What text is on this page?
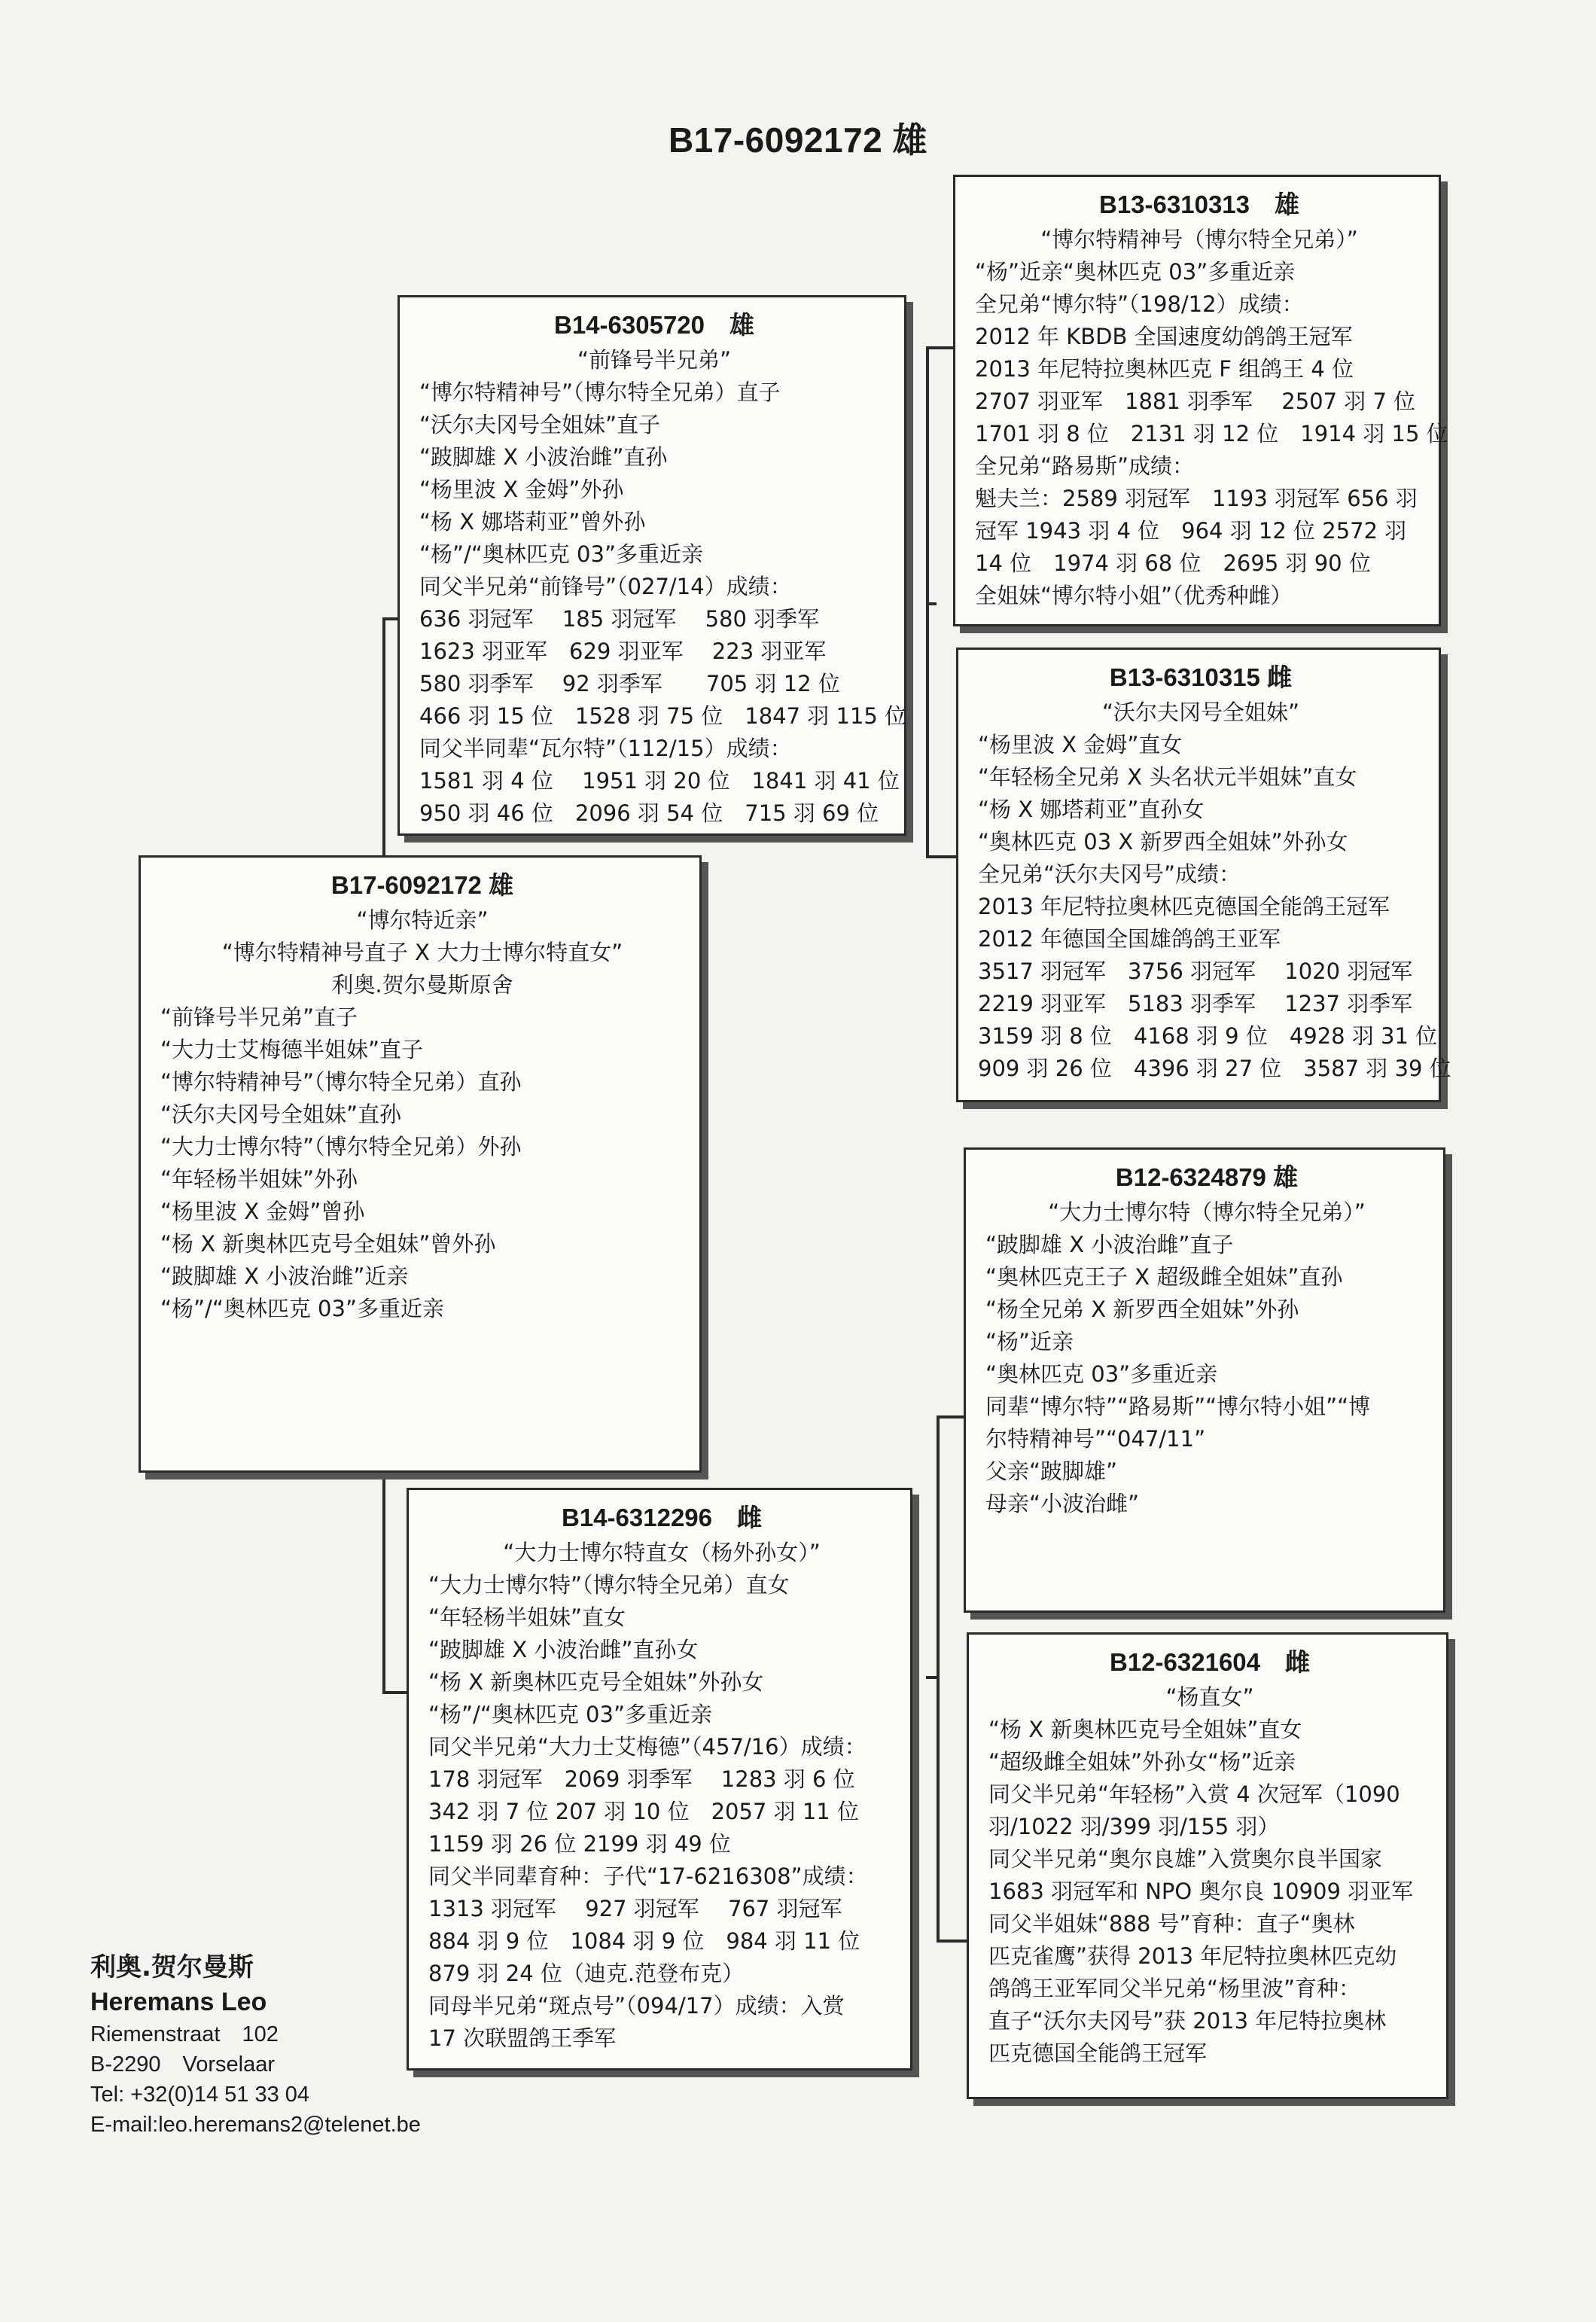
B17-6092172 雄
B14-6305720　雄
“前锋号半兄弟”
“博尔特精神号”（博尔特全兄弟）直子
“沃尔夫冈号全姐妹”直子
“跛脚雄 X 小波治雌”直孙
“杨里波 X 金姆”外孙
“杨 X 娜塔莉亚”曾外孙
“杨”/“奥林匹克 03”多重近亲
同父半兄弟“前锋号”（027/14）成绩：
636 羽冠军　 185 羽冠军　 580 羽季军
1623 羽亚军　629 羽亚军　 223 羽亚军
580 羽季军　 92 羽季军　　705 羽 12 位
466 羽 15 位　1528 羽 75 位　1847 羽 115 位
同父半同辈“瓦尔特”（112/15）成绩：
1581 羽 4 位　 1951 羽 20 位　1841 羽 41 位
950 羽 46 位　2096 羽 54 位　715 羽 69 位
B17-6092172 雄
“博尔特近亲”
“博尔特精神号直子 X 大力士博尔特直女”
利奥.贺尔曼斯原舍
“前锋号半兄弟”直子
“大力士艾梅德半姐妹”直子
“博尔特精神号”（博尔特全兄弟）直孙
“沃尔夫冈号全姐妹”直孙
“大力士博尔特”（博尔特全兄弟）外孙
“年轻杨半姐妹”外孙
“杨里波 X 金姆”曾孙
“杨 X 新奥林匹克号全姐妹”曾外孙
“跛脚雄 X 小波治雌”近亲
“杨”/“奥林匹克 03”多重近亲
B14-6312296　雌
“大力士博尔特直女（杨外孙女）”
“大力士博尔特”（博尔特全兄弟）直女
“年轻杨半姐妹”直女
“跛脚雄 X 小波治雌”直孙女
“杨 X 新奥林匹克号全姐妹”外孙女
“杨”/“奥林匹克 03”多重近亲
同父半兄弟“大力士艾梅德”（457/16）成绩：
178 羽冠军　2069 羽季军　 1283 羽 6 位
342 羽 7 位 207 羽 10 位　2057 羽 11 位
1159 羽 26 位 2199 羽 49 位
同父半同辈育种：子代“17-6216308”成绩：
1313 羽冠军　 927 羽冠军　 767 羽冠军
884 羽 9 位　1084 羽 9 位　984 羽 11 位
879 羽 24 位（迪克.范登布克）
同母半兄弟“斑点号”（094/17）成绩：入赏
17 次联盟鸽王季军
B13-6310313　雄
“博尔特精神号（博尔特全兄弟）”
“杨”近亲“奥林匹克 03”多重近亲
全兄弟“博尔特”（198/12）成绩：
2012 年 KBDB 全国速度幼鸽鸽王冠军
2013 年尼特拉奥林匹克 F 组鸽王 4 位
2707 羽亚军　1881 羽季军　 2507 羽 7 位
1701 羽 8 位　2131 羽 12 位　1914 羽 15 位
全兄弟“路易斯”成绩：
魁夫兰：2589 羽冠军　1193 羽冠军 656 羽
冠军 1943 羽 4 位　964 羽 12 位 2572 羽
14 位　1974 羽 68 位　2695 羽 90 位
全姐妹“博尔特小姐”（优秀种雌）
B13-6310315 雌
“沃尔夫冈号全姐妹”
“杨里波 X 金姆”直女
“年轻杨全兄弟 X 头名状元半姐妹”直女
“杨 X 娜塔莉亚”直孙女
“奥林匹克 03 X 新罗西全姐妹”外孙女
全兄弟“沃尔夫冈号”成绩：
2013 年尼特拉奥林匹克德国全能鸽王冠军
2012 年德国全国雄鸽鸽王亚军
3517 羽冠军　3756 羽冠军　 1020 羽冠军
2219 羽亚军　5183 羽季军　 1237 羽季军
3159 羽 8 位　4168 羽 9 位　4928 羽 31 位
909 羽 26 位　4396 羽 27 位　3587 羽 39 位
B12-6324879 雄
“大力士博尔特（博尔特全兄弟）”
“跛脚雄 X 小波治雌”直子
“奥林匹克王子 X 超级雌全姐妹”直孙
“杨全兄弟 X 新罗西全姐妹”外孙
“杨”近亲
“奥林匹克 03”多重近亲
同辈“博尔特”“路易斯”“博尔特小姐”“博
尔特精神号”“047/11”
父亲“跛脚雄”
母亲“小波治雌”
B12-6321604　雌
“杨直女”
“杨 X 新奥林匹克号全姐妹”直女
“超级雌全姐妹”外孙女“杨”近亲
同父半兄弟“年轻杨”入赏 4 次冠军（1090
羽/1022 羽/399 羽/155 羽）
同父半兄弟“奥尔良雄”入赏奥尔良半国家
1683 羽冠军和 NPO 奥尔良 10909 羽亚军
同父半姐妹“888 号”育种：直子“奥林
匹克雀鹰”获得 2013 年尼特拉奥林匹克幼
鸽鸽王亚军同父半兄弟“杨里波”育种：
直子“沃尔夫冈号”获 2013 年尼特拉奥林
匹克德国全能鸽王冠军
利奥.贺尔曼斯
Heremans Leo
Riemenstraat　102
B-2290　Vorselaar
Tel: +32(0)14 51 33 04
E-mail:leo.heremans2@telenet.be
